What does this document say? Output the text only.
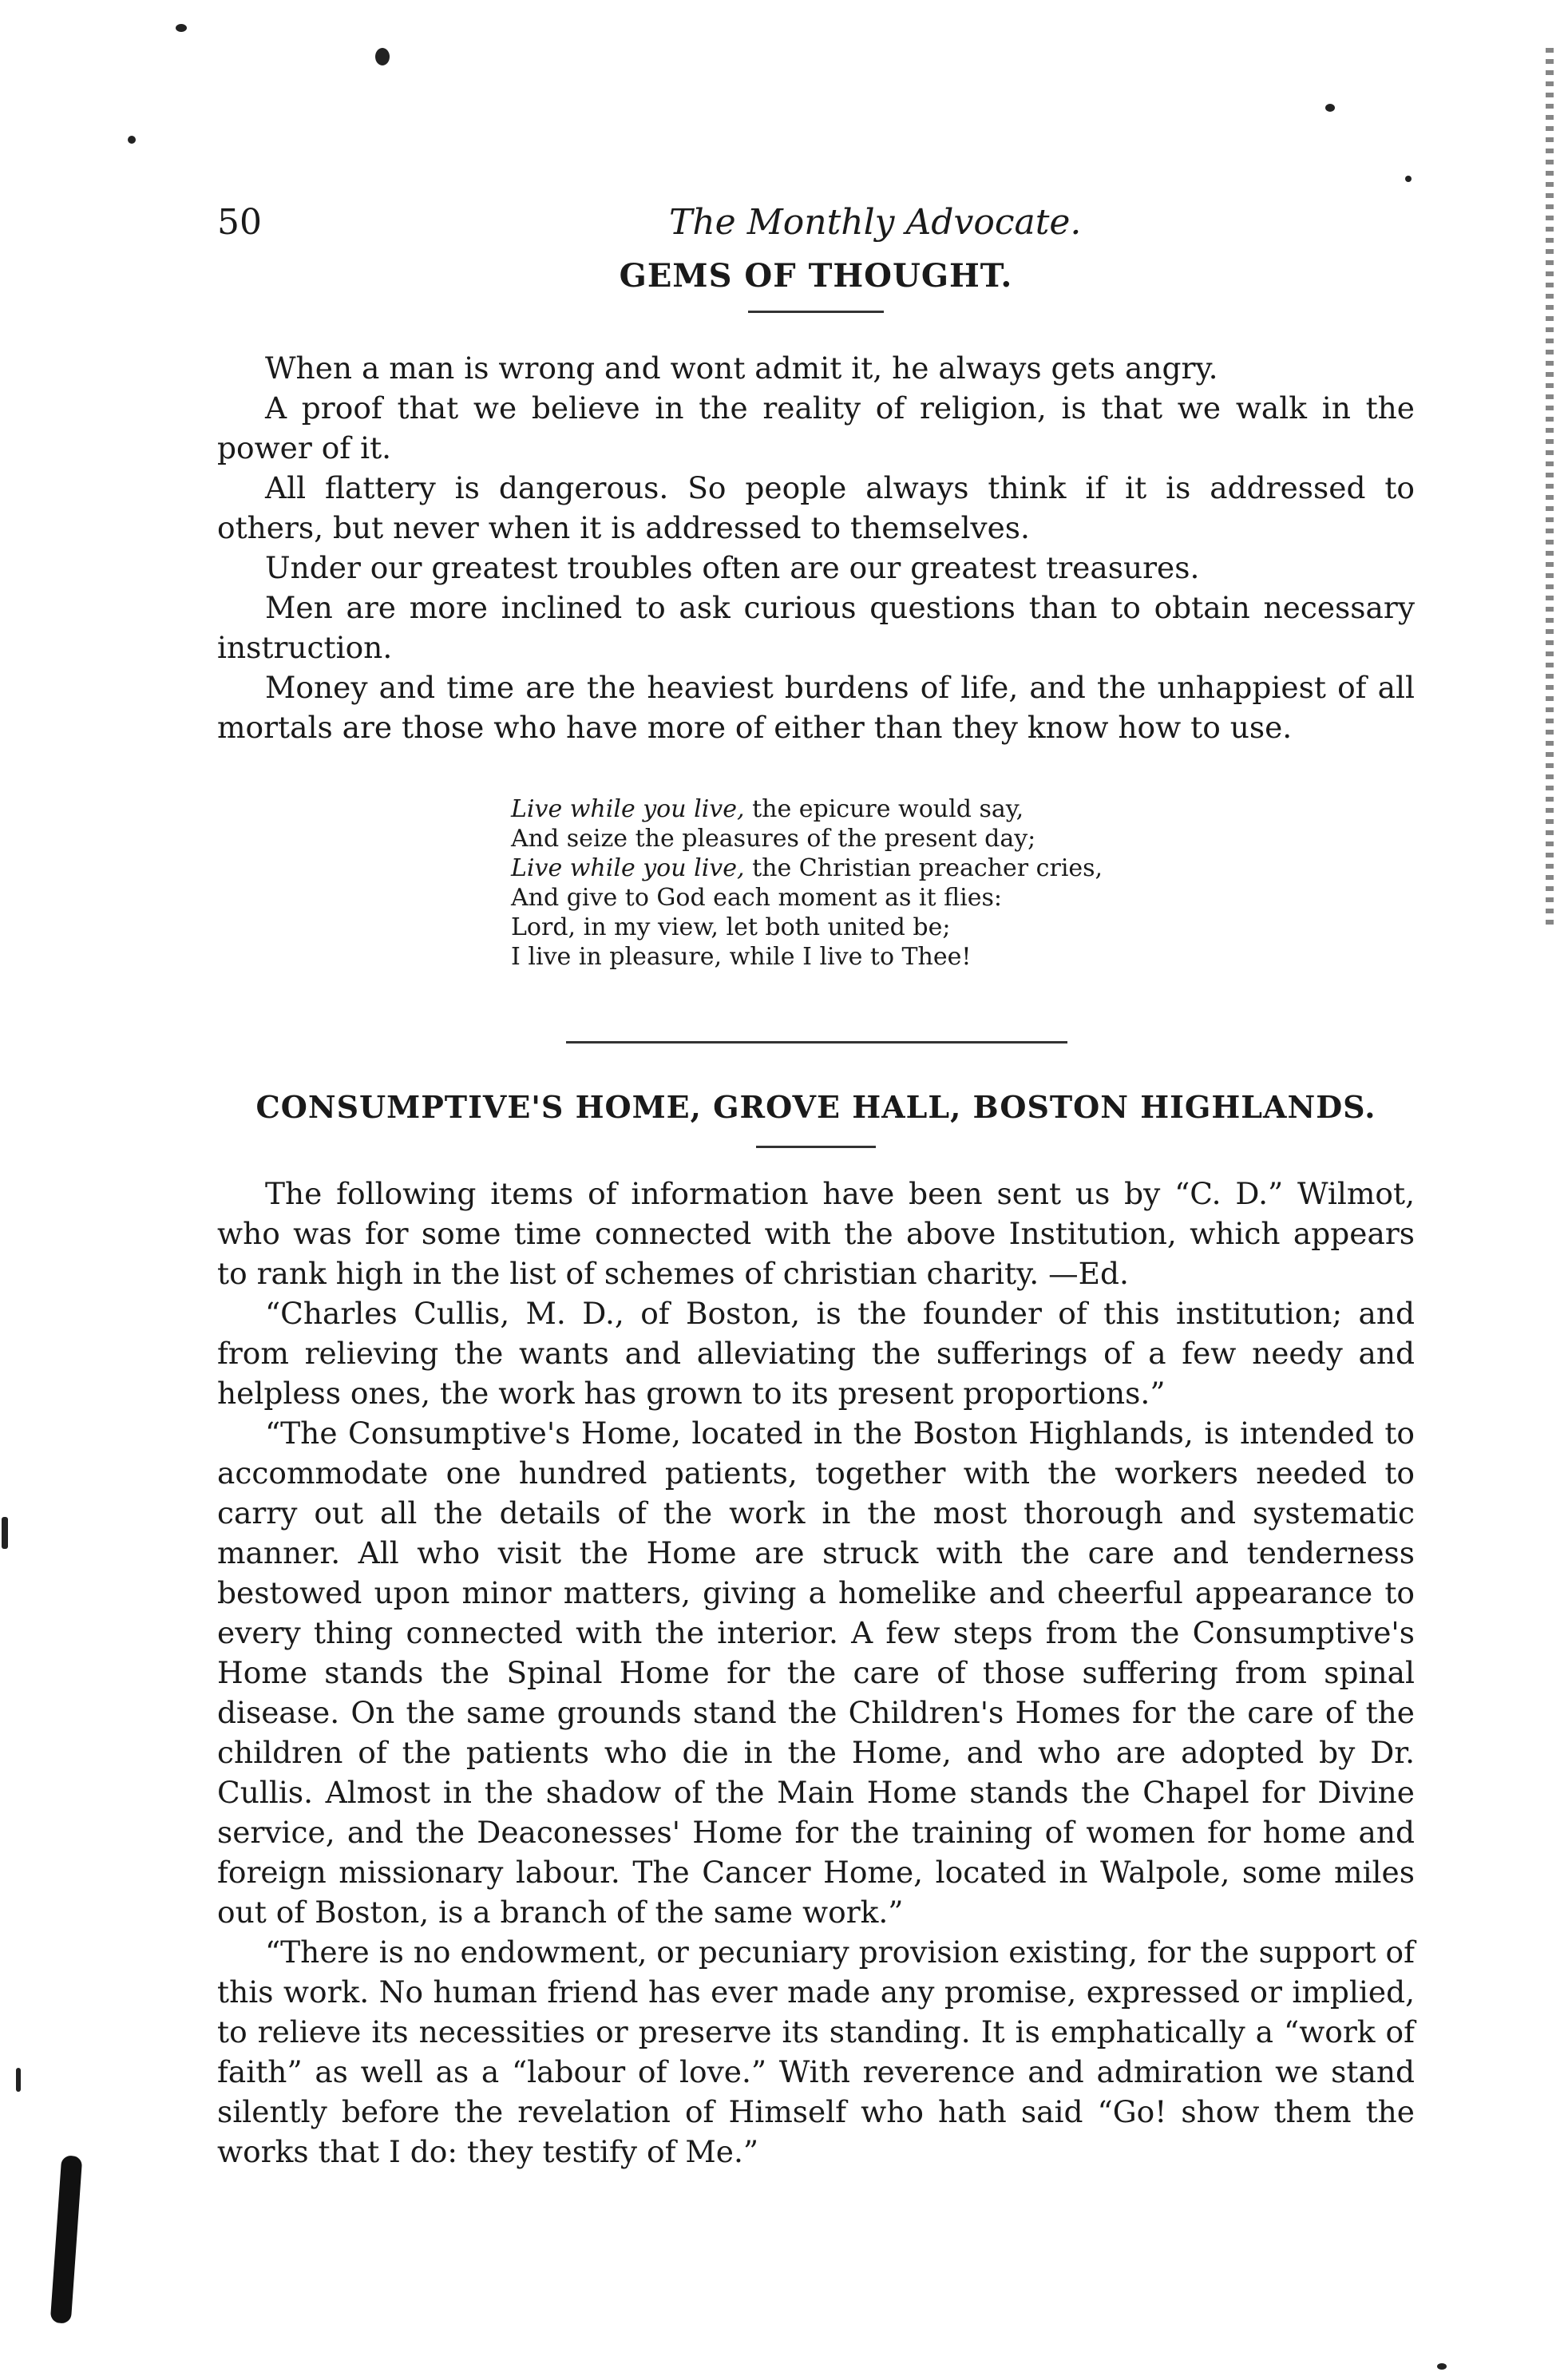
50	The Monthly Advocate.
GEMS OF THOUGHT.

When a man is wrong and wont admit it, he always gets angry.

A proof that we believe in the reality of religion, is that we walk in the power of it.

All flattery is dangerous. So people always think if it is addressed to others, but never when it is addressed to themselves.

Under our greatest troubles often are our greatest treasures.

Men are more inclined to ask curious questions than to obtain necessary instruction.

Money and time are the heaviest burdens of life, and the unhappiest of all mortals are those who have more of either than they know how to use.

Live while you live, the epicure would say,
And seize the pleasures of the present day;
Live while you live, the Christian preacher cries,
And give to God each moment as it flies:
Lord, in my view, let both united be;
I live in pleasure, while I live to Thee!
CONSUMPTIVE'S HOME, GROVE HALL, BOSTON HIGHLANDS.

The following items of information have been sent us by “C. D.” Wilmot, who was for some time connected with the above Institution, which appears to rank high in the list of schemes of christian charity. —Ed.

“Charles Cullis, M. D., of Boston, is the founder of this institution; and from relieving the wants and alleviating the sufferings of a few needy and helpless ones, the work has grown to its present proportions.”

“The Consumptive's Home, located in the Boston Highlands, is intended to accommodate one hundred patients, together with the workers needed to carry out all the details of the work in the most thorough and systematic manner. All who visit the Home are struck with the care and tenderness bestowed upon minor matters, giving a homelike and cheerful appearance to every thing connected with the interior. A few steps from the Consumptive's Home stands the Spinal Home for the care of those suffering from spinal disease. On the same grounds stand the Children's Homes for the care of the children of the patients who die in the Home, and who are adopted by Dr. Cullis. Almost in the shadow of the Main Home stands the Chapel for Divine service, and the Deaconesses' Home for the training of women for home and foreign missionary labour. The Cancer Home, located in Walpole, some miles out of Boston, is a branch of the same work.”

“There is no endowment, or pecuniary provision existing, for the support of this work. No human friend has ever made any promise, expressed or implied, to relieve its necessities or preserve its standing. It is emphatically a “work of faith” as well as a “labour of love.” With reverence and admiration we stand silently before the revelation of Himself who hath said “Go! show them the works that I do: they testify of Me.”
